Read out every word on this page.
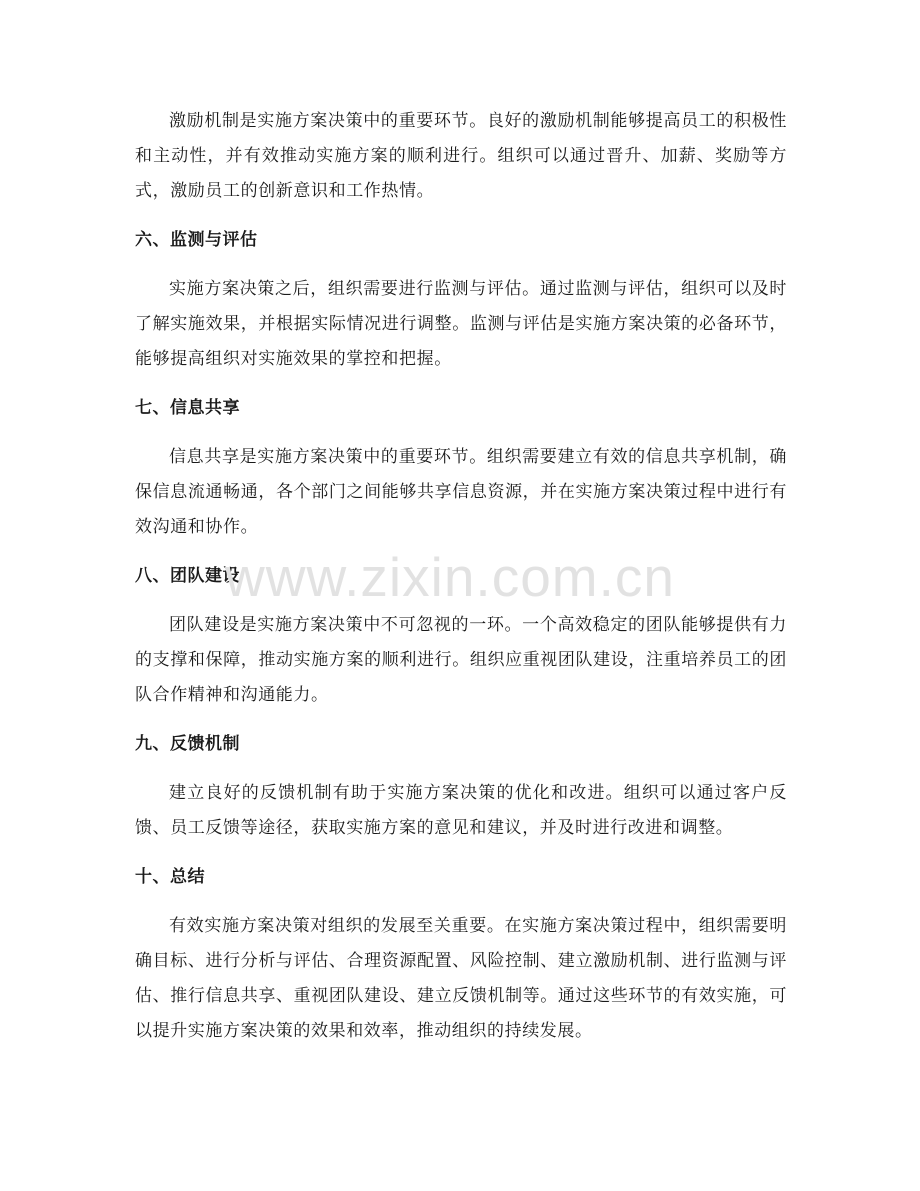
激励机制是实施方案决策中的重要环节。良好的激励机制能够提高员工的积极性和主动性，并有效推动实施方案的顺利进行。组织可以通过晋升、加薪、奖励等方式，激励员工的创新意识和工作热情。

六、监测与评估

实施方案决策之后，组织需要进行监测与评估。通过监测与评估，组织可以及时了解实施效果，并根据实际情况进行调整。监测与评估是实施方案决策的必备环节，能够提高组织对实施效果的掌控和把握。

七、信息共享

信息共享是实施方案决策中的重要环节。组织需要建立有效的信息共享机制，确保信息流通畅通，各个部门之间能够共享信息资源，并在实施方案决策过程中进行有效沟通和协作。

八、团队建设

团队建设是实施方案决策中不可忽视的一环。一个高效稳定的团队能够提供有力的支撑和保障，推动实施方案的顺利进行。组织应重视团队建设，注重培养员工的团队合作精神和沟通能力。

九、反馈机制

建立良好的反馈机制有助于实施方案决策的优化和改进。组织可以通过客户反馈、员工反馈等途径，获取实施方案的意见和建议，并及时进行改进和调整。

十、总结

有效实施方案决策对组织的发展至关重要。在实施方案决策过程中，组织需要明确目标、进行分析与评估、合理资源配置、风险控制、建立激励机制、进行监测与评估、推行信息共享、重视团队建设、建立反馈机制等。通过这些环节的有效实施，可以提升实施方案决策的效果和效率，推动组织的持续发展。

www.zixin.com.cn
